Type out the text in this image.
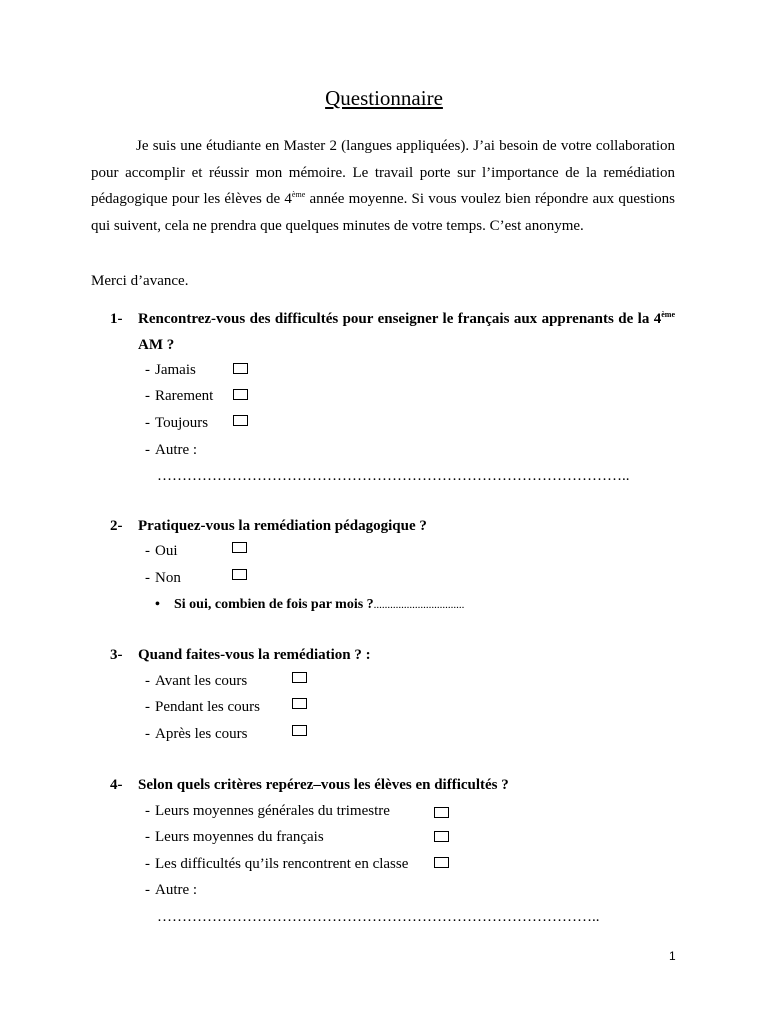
Questionnaire
Je suis une étudiante en Master 2 (langues appliquées). J’ai besoin de votre collaboration pour accomplir et réussir mon mémoire. Le travail porte sur l’importance de la remédiation pédagogique pour les élèves de 4ème année moyenne. Si vous voulez bien répondre aux questions qui suivent, cela ne prendra que quelques minutes de votre temps. C’est anonyme.
Merci d’avance.
1- Rencontrez-vous des difficultés pour enseigner le français aux apprenants de la 4ème AM ?
- Jamais
- Rarement
- Toujours
- Autre :
…………………………………………………………………………………..
2- Pratiquez-vous la remédiation pédagogique ?
- Oui
- Non
• Si oui, combien de fois par mois ?.................................
3- Quand faites-vous la remédiation ? :
- Avant les cours
- Pendant les cours
- Après les cours
4- Selon quels critères repérez–vous les élèves en difficultés ?
- Leurs moyennes générales du trimestre
- Leurs moyennes du français
- Les difficultés qu’ils rencontrent en classe
- Autre :
……………………………………………………………………………..
1
